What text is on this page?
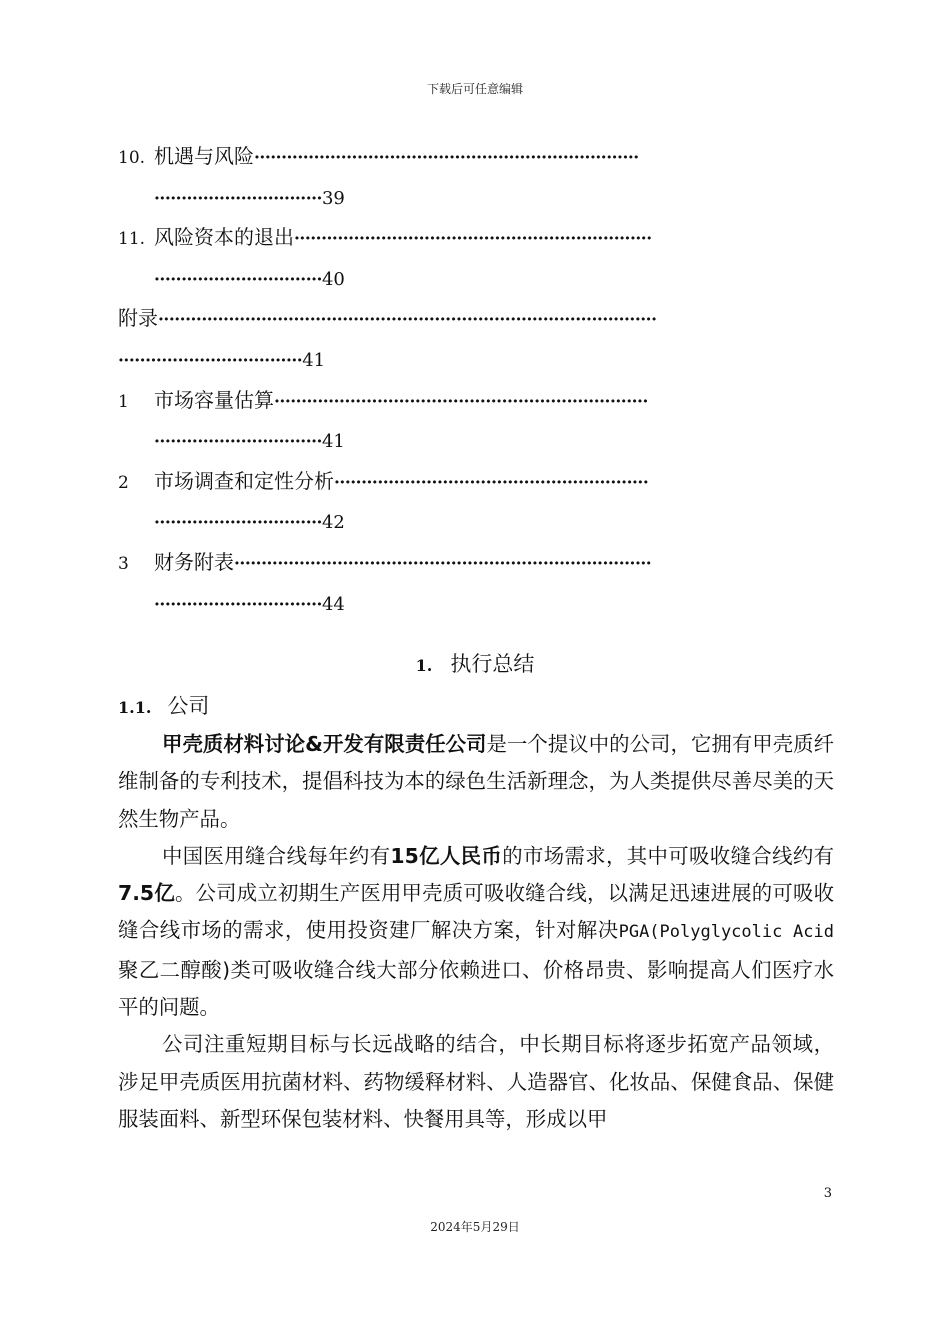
下载后可任意编辑
10. 机遇与风险·······································································
·······························39
11. 风险资本的退出··································································
·······························40
附录····························································································
··································41
1 市场容量估算·····································································
·······························41
2 市场调查和定性分析··························································
·······························42
3 财务附表·············································································
·······························44
1. 执行总结
1.1. 公司

甲壳质材料讨论&开发有限责任公司是一个提议中的公司，它拥有甲壳质纤维制备的专利技术，提倡科技为本的绿色生活新理念，为人类提供尽善尽美的天然生物产品。

中国医用缝合线每年约有15亿人民币的市场需求，其中可吸收缝合线约有7.5亿。公司成立初期生产医用甲壳质可吸收缝合线，以满足迅速进展的可吸收缝合线市场的需求，使用投资建厂解决方案，针对解决PGA(Polyglycolic Acid聚乙二醇酸)类可吸收缝合线大部分依赖进口、价格昂贵、影响提高人们医疗水平的问题。

公司注重短期目标与长远战略的结合，中长期目标将逐步拓宽产品领域，涉足甲壳质医用抗菌材料、药物缓释材料、人造器官、化妆品、保健食品、保健服装面料、新型环保包装材料、快餐用具等，形成以甲

3
2024年5月29日
